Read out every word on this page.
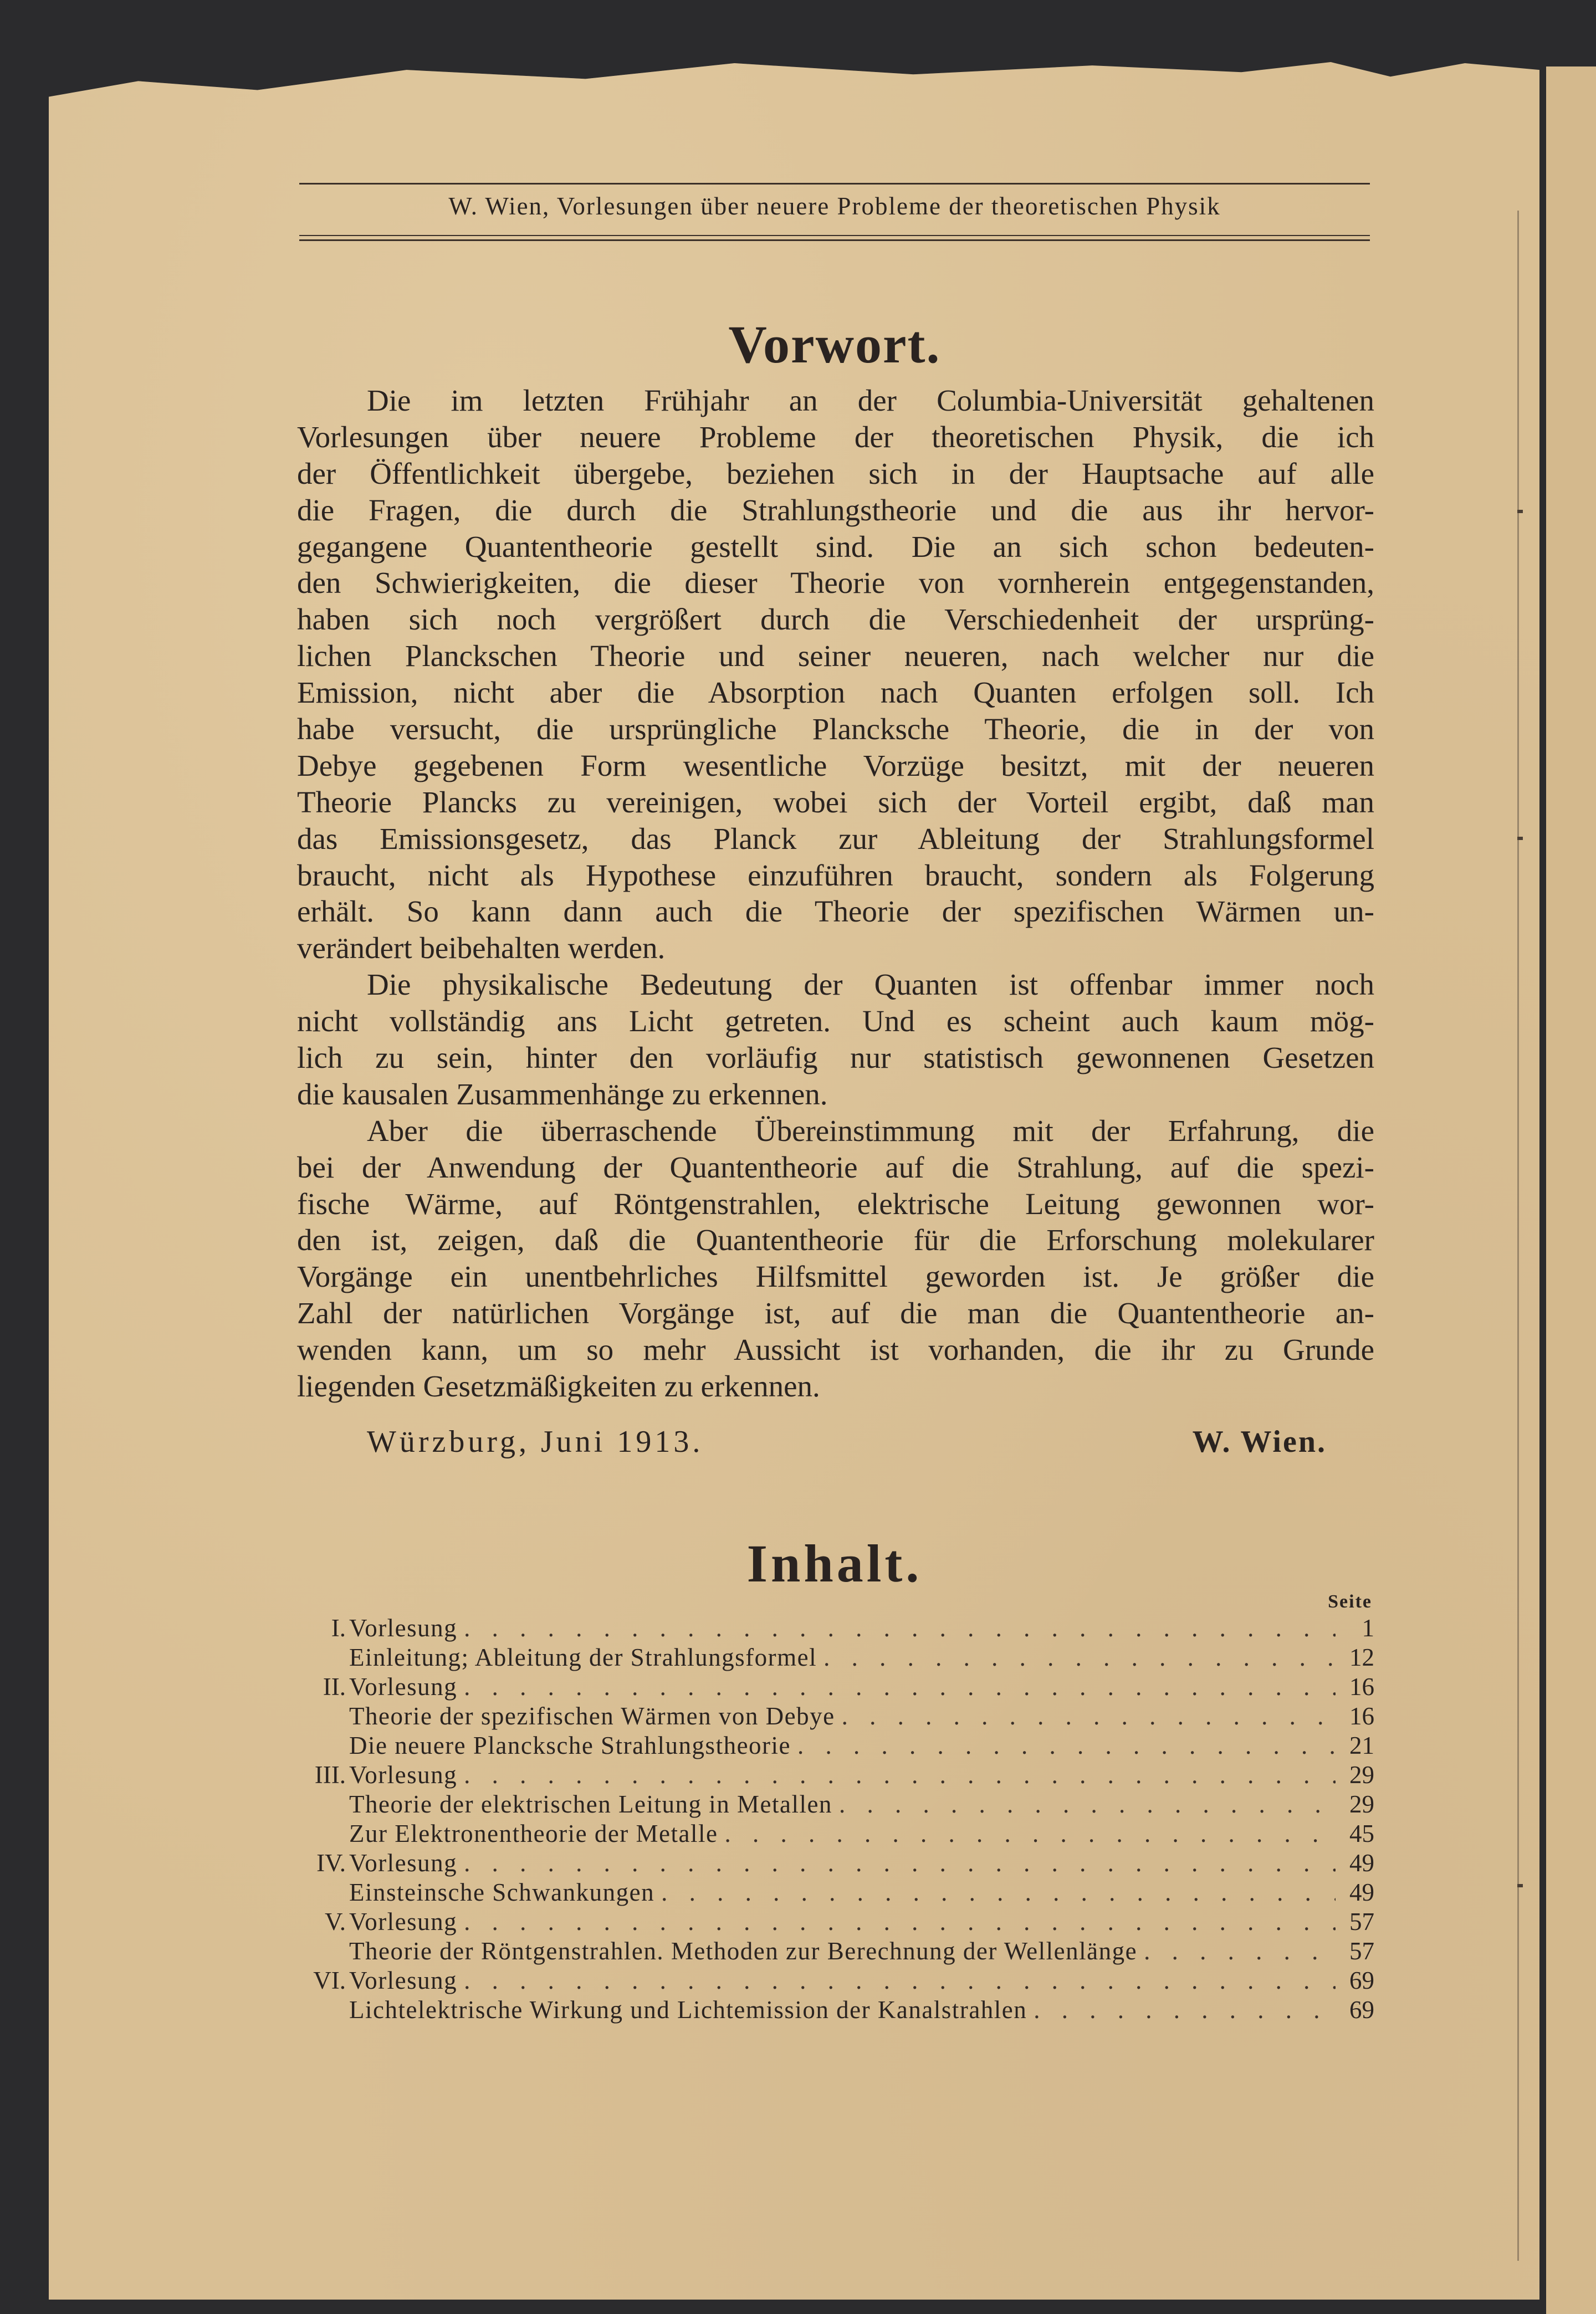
W. Wien, Vorlesungen über neuere Probleme der theoretischen Physik
Vorwort.
Die im letzten Frühjahr an der Columbia-Universität gehaltenen
Vorlesungen über neuere Probleme der theoretischen Physik, die ich
der Öffentlichkeit übergebe, beziehen sich in der Hauptsache auf alle
die Fragen, die durch die Strahlungstheorie und die aus ihr hervor-
gegangene Quantentheorie gestellt sind. Die an sich schon bedeuten-
den Schwierigkeiten, die dieser Theorie von vornherein entgegenstanden,
haben sich noch vergrößert durch die Verschiedenheit der ursprüng-
lichen Planckschen Theorie und seiner neueren, nach welcher nur die
Emission, nicht aber die Absorption nach Quanten erfolgen soll. Ich
habe versucht, die ursprüngliche Plancksche Theorie, die in der von
Debye gegebenen Form wesentliche Vorzüge besitzt, mit der neueren
Theorie Plancks zu vereinigen, wobei sich der Vorteil ergibt, daß man
das Emissionsgesetz, das Planck zur Ableitung der Strahlungsformel
braucht, nicht als Hypothese einzuführen braucht, sondern als Folgerung
erhält. So kann dann auch die Theorie der spezifischen Wärmen un-
verändert beibehalten werden.
Die physikalische Bedeutung der Quanten ist offenbar immer noch
nicht vollständig ans Licht getreten. Und es scheint auch kaum mög-
lich zu sein, hinter den vorläufig nur statistisch gewonnenen Gesetzen
die kausalen Zusammenhänge zu erkennen.
Aber die überraschende Übereinstimmung mit der Erfahrung, die
bei der Anwendung der Quantentheorie auf die Strahlung, auf die spezi-
fische Wärme, auf Röntgenstrahlen, elektrische Leitung gewonnen wor-
den ist, zeigen, daß die Quantentheorie für die Erforschung molekularer
Vorgänge ein unentbehrliches Hilfsmittel geworden ist. Je größer die
Zahl der natürlichen Vorgänge ist, auf die man die Quantentheorie an-
wenden kann, um so mehr Aussicht ist vorhanden, die ihr zu Grunde
liegenden Gesetzmäßigkeiten zu erkennen.
Würzburg, Juni 1913.	W. Wien.
Inhalt.
Seite
I. Vorlesung . . .	1
Einleitung; Ableitung der Strahlungsformel . . .	12
II. Vorlesung . . .	16
Theorie der spezifischen Wärmen von Debye . . .	16
Die neuere Plancksche Strahlungstheorie . . .	21
III. Vorlesung . . .	29
Theorie der elektrischen Leitung in Metallen . . .	29
Zur Elektronentheorie der Metalle . . .	45
IV. Vorlesung . . .	49
Einsteinsche Schwankungen . . .	49
V. Vorlesung . . .	57
Theorie der Röntgenstrahlen. Methoden zur Berechnung der Wellenlänge . . .	57
VI. Vorlesung . . .	69
Lichtelektrische Wirkung und Lichtemission der Kanalstrahlen . . .	69
